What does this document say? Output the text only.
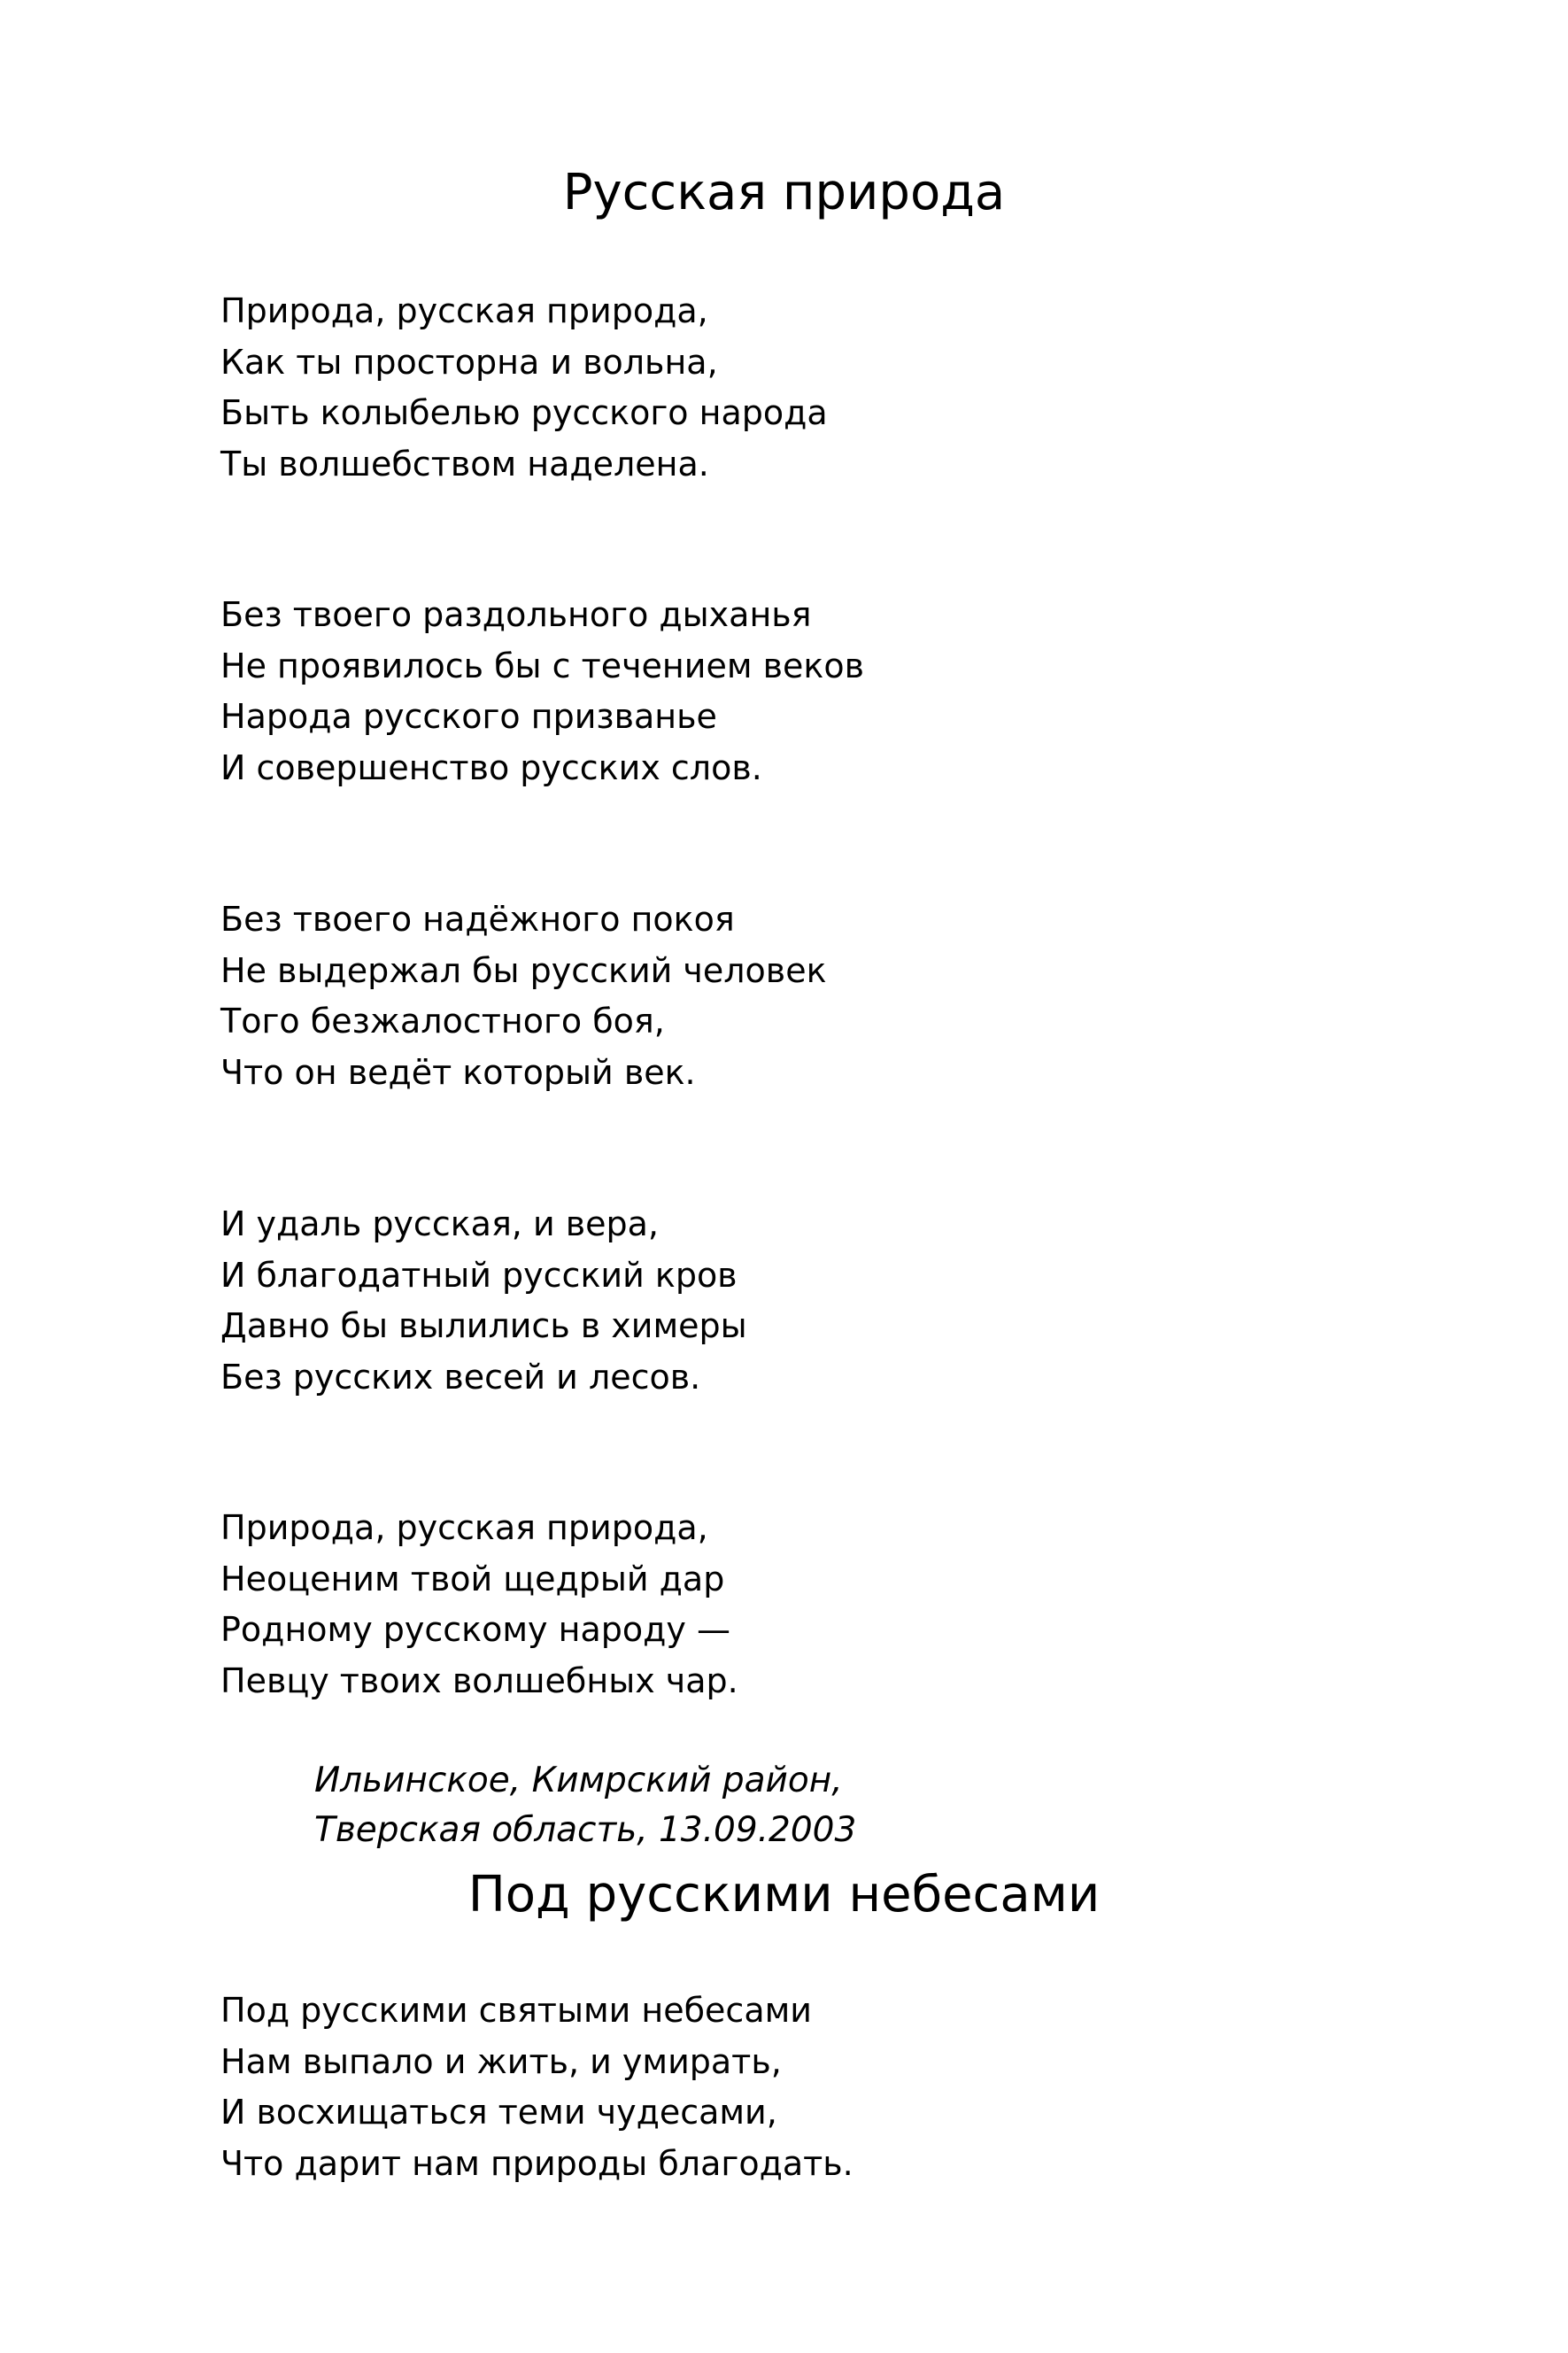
Русская природа
Природа, русская природа,
Как ты просторна и вольна,
Быть колыбелью русского народа
Ты волшебством наделена.
Без твоего раздольного дыханья
Не проявилось бы с течением веков
Народа русского призванье
И совершенство русских слов.
Без твоего надёжного покоя
Не выдержал бы русский человек
Того безжалостного боя,
Что он ведёт который век.
И удаль русская, и вера,
И благодатный русский кров
Давно бы вылились в химеры
Без русских весей и лесов.
Природа, русская природа,
Неоценим твой щедрый дар
Родному русскому народу —
Певцу твоих волшебных чар.
Ильинское, Кимрский район,
Тверская область, 13.09.2003
Под русскими небесами
Под русскими святыми небесами
Нам выпало и жить, и умирать,
И восхищаться теми чудесами,
Что дарит нам природы благодать.
